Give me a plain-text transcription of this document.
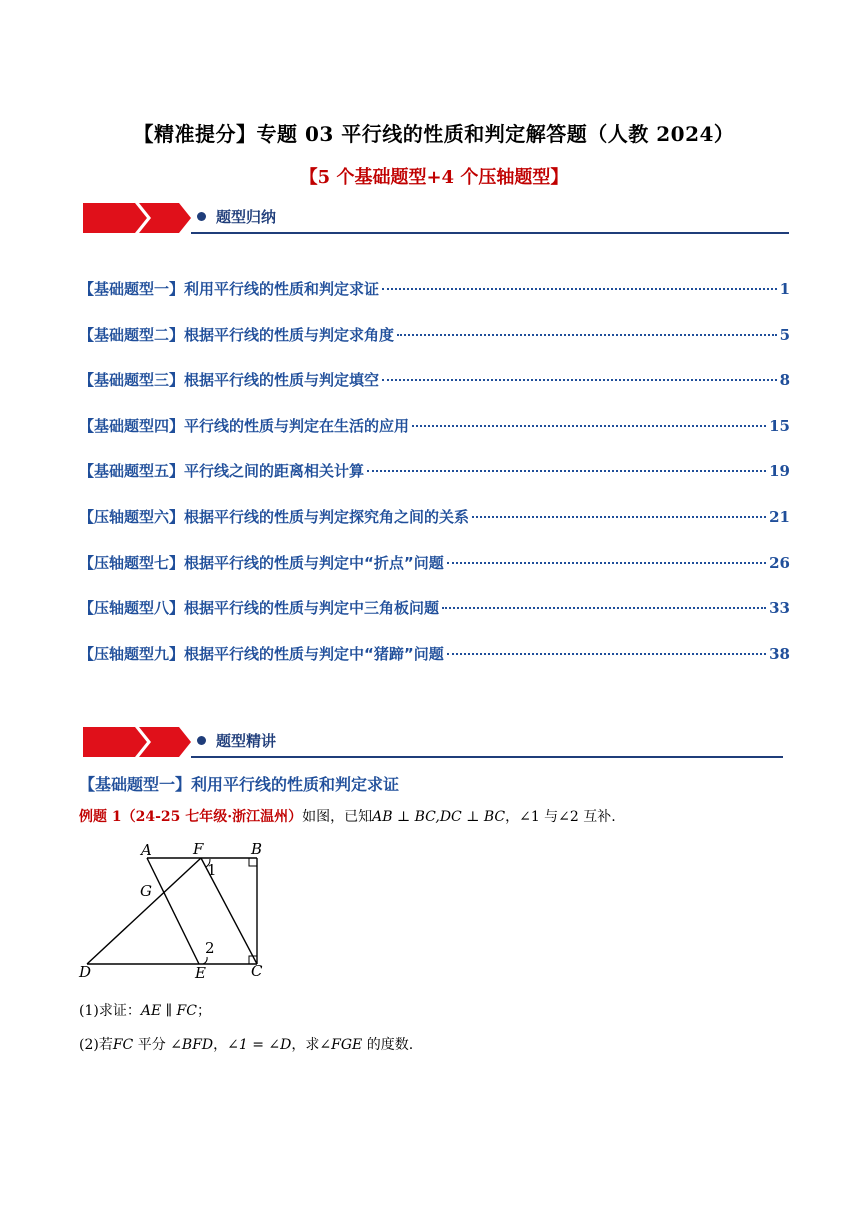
【精准提分】专题 03 平行线的性质和判定解答题（人教 2024）
【5 个基础题型+4 个压轴题型】
题型归纳
【基础题型一】利用平行线的性质和判定求证	1
【基础题型二】根据平行线的性质与判定求角度	5
【基础题型三】根据平行线的性质与判定填空	8
【基础题型四】平行线的性质与判定在生活的应用	15
【基础题型五】平行线之间的距离相关计算	19
【压轴题型六】根据平行线的性质与判定探究角之间的关系	21
【压轴题型七】根据平行线的性质与判定中“折点”问题	26
【压轴题型八】根据平行线的性质与判定中三角板问题	33
【压轴题型九】根据平行线的性质与判定中“猪蹄”问题	38
题型精讲
【基础题型一】利用平行线的性质和判定求证
例题 1（24-25 七年级·浙江温州）如图，已知AB ⊥ BC,DC ⊥ BC，∠1 与∠2 互补.
A	F	B
G
D	E	C
1
2
(1)求证：AE ∥ FC；
(2)若FC 平分 ∠BFD，∠1 = ∠D，求∠FGE 的度数.
